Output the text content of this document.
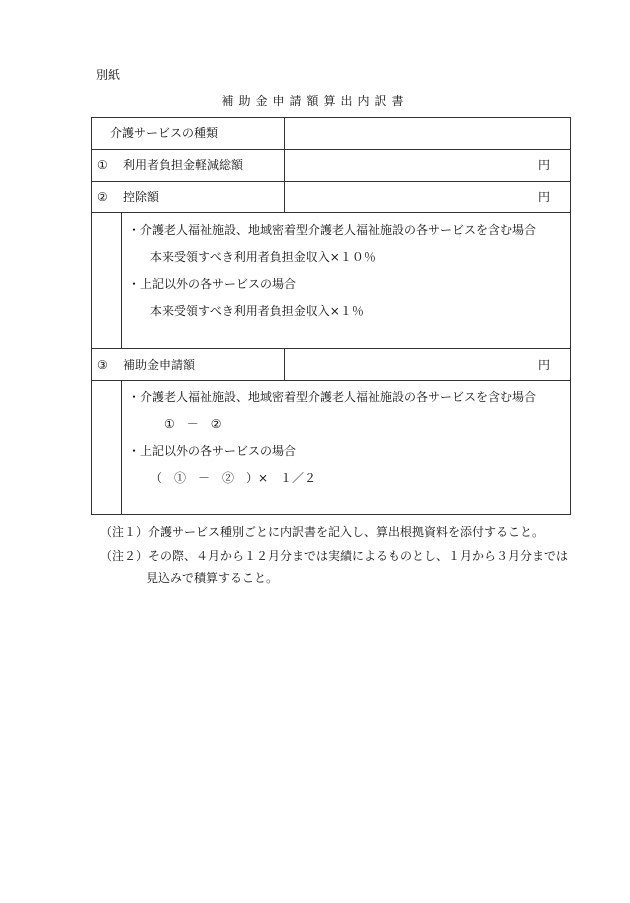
別紙
補助金申請額算出内訳書
介護サービスの種類
① 利用者負担金軽減総額	円
② 控除額	円
・介護老人福祉施設、地域密着型介護老人福祉施設の各サービスを含む場合
本来受領すべき利用者負担金収入×１０％
・上記以外の各サービスの場合
本来受領すべき利用者負担金収入×１％
③ 補助金申請額	円
・介護老人福祉施設、地域密着型介護老人福祉施設の各サービスを含む場合
①　－　②
・上記以外の各サービスの場合
（　①　－　②　）×　１／２
（注１）介護サービス種別ごとに内訳書を記入し、算出根拠資料を添付すること。
（注２）その際、４月から１２月分までは実績によるものとし、１月から３月分までは
見込みで積算すること。
